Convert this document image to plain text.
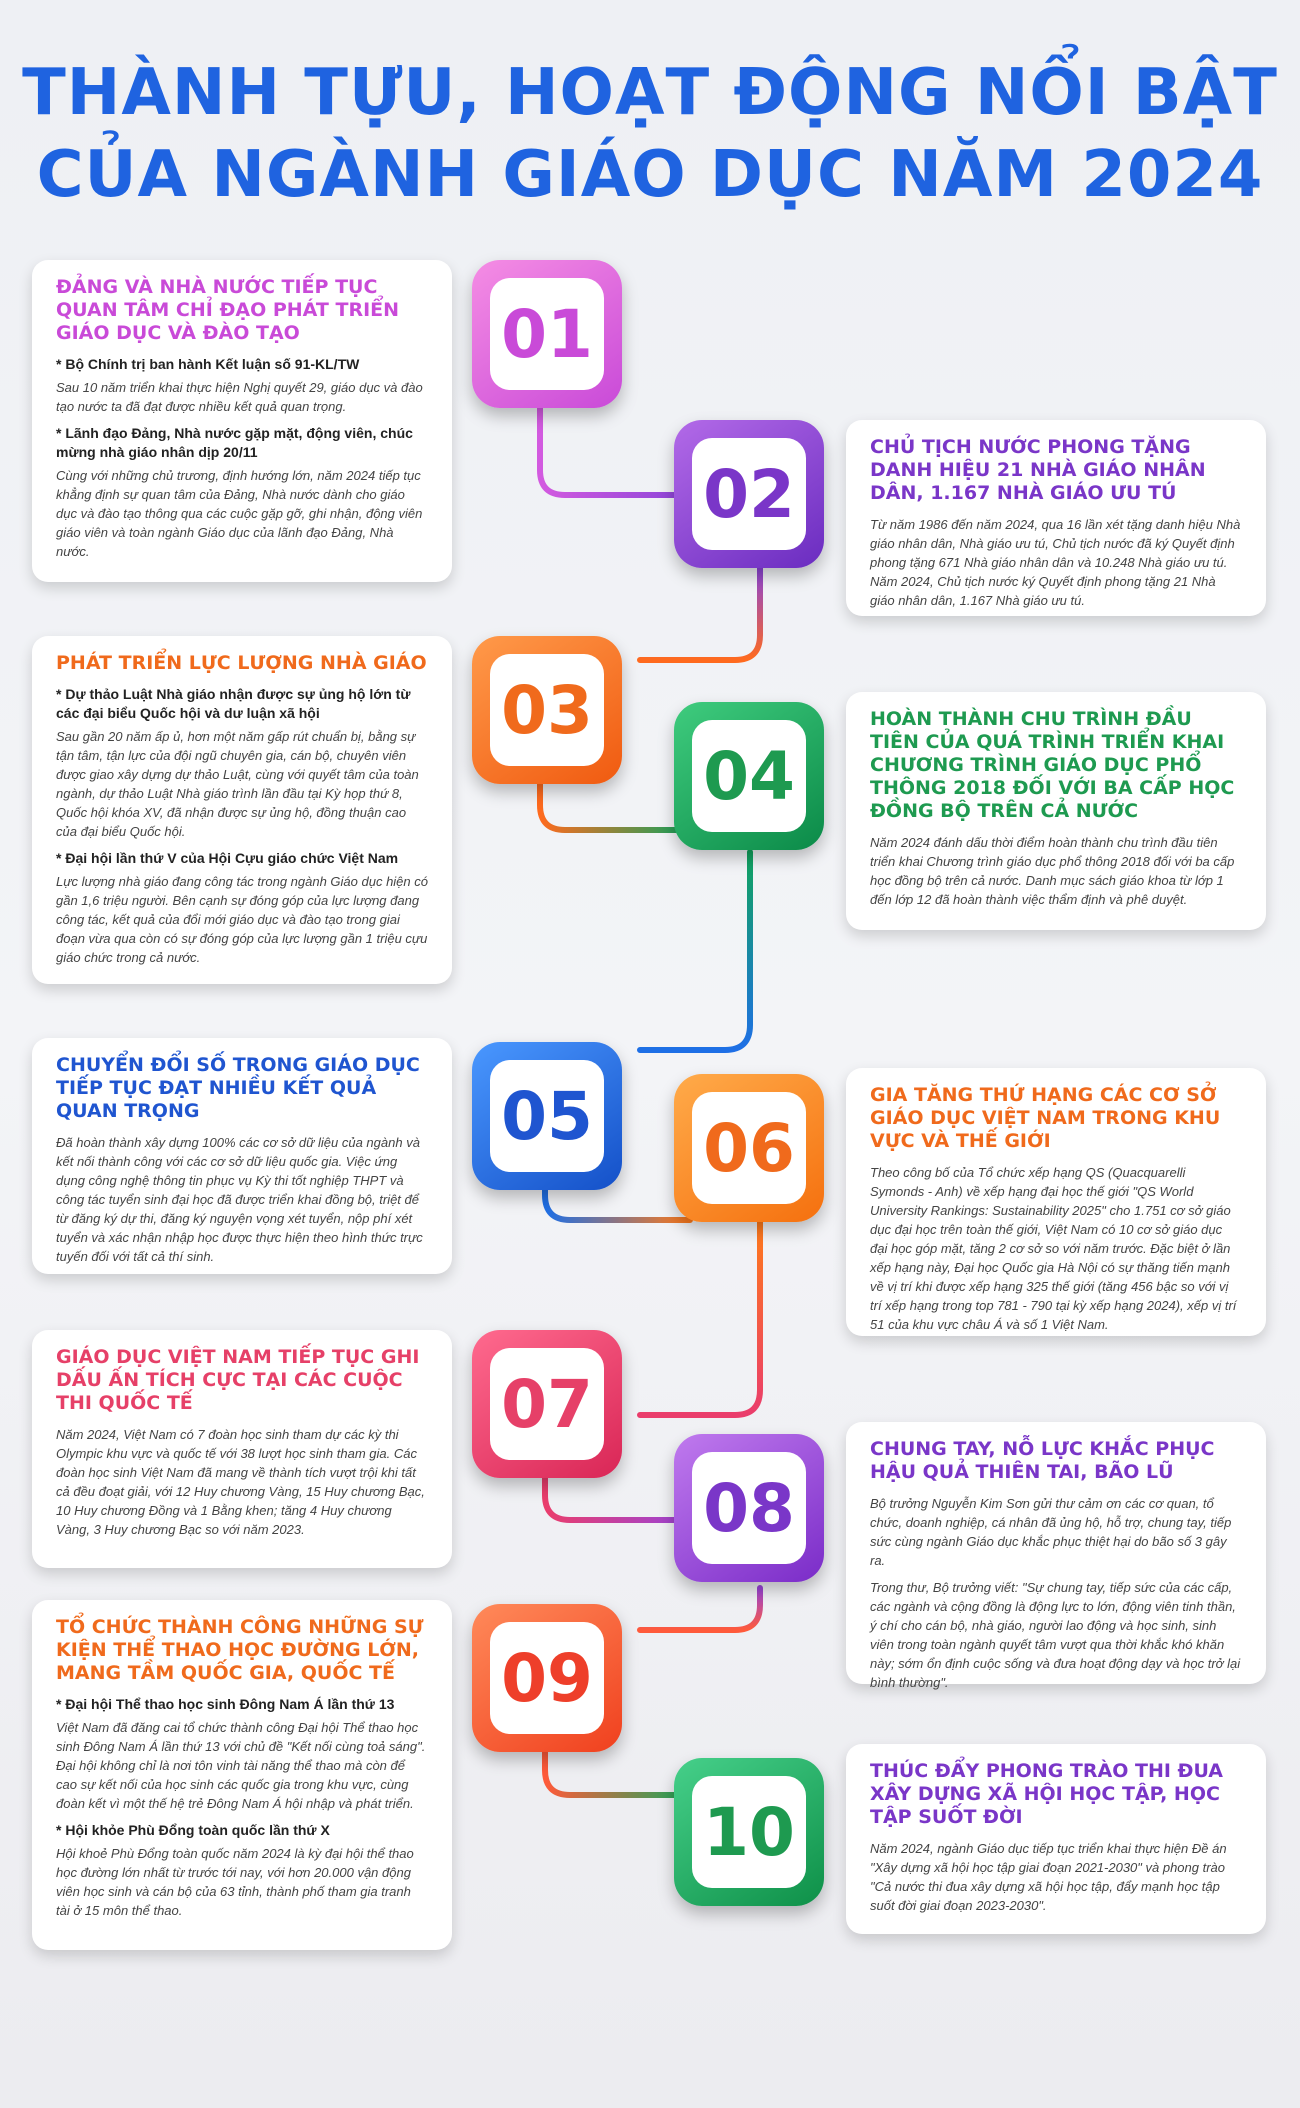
THÀNH TỰU, HOẠT ĐỘNG NỔI BẬT
CỦA NGÀNH GIÁO DỤC NĂM 2024
ĐẢNG VÀ NHÀ NƯỚC TIẾP TỤC QUAN TÂM CHỈ ĐẠO PHÁT TRIỂN GIÁO DỤC VÀ ĐÀO TẠO
* Bộ Chính trị ban hành Kết luận số 91-KL/TW

Sau 10 năm triển khai thực hiện Nghị quyết 29, giáo dục và đào tạo nước ta đã đạt được nhiều kết quả quan trọng.

* Lãnh đạo Đảng, Nhà nước gặp mặt, động viên, chúc mừng nhà giáo nhân dịp 20/11

Cùng với những chủ trương, định hướng lớn, năm 2024 tiếp tục khẳng định sự quan tâm của Đảng, Nhà nước dành cho giáo dục và đào tạo thông qua các cuộc gặp gỡ, ghi nhận, động viên giáo viên và toàn ngành Giáo dục của lãnh đạo Đảng, Nhà nước.

01
CHỦ TỊCH NƯỚC PHONG TẶNG DANH HIỆU 21 NHÀ GIÁO NHÂN DÂN, 1.167 NHÀ GIÁO ƯU TÚ

Từ năm 1986 đến năm 2024, qua 16 lần xét tặng danh hiệu Nhà giáo nhân dân, Nhà giáo ưu tú, Chủ tịch nước đã ký Quyết định phong tặng 671 Nhà giáo nhân dân và 10.248 Nhà giáo ưu tú. Năm 2024, Chủ tịch nước ký Quyết định phong tặng 21 Nhà giáo nhân dân, 1.167 Nhà giáo ưu tú.

02
PHÁT TRIỂN LỰC LƯỢNG NHÀ GIÁO
* Dự thảo Luật Nhà giáo nhận được sự ủng hộ lớn từ các đại biểu Quốc hội và dư luận xã hội

Sau gần 20 năm ấp ủ, hơn một năm gấp rút chuẩn bị, bằng sự tận tâm, tận lực của đội ngũ chuyên gia, cán bộ, chuyên viên được giao xây dựng dự thảo Luật, cùng với quyết tâm của toàn ngành, dự thảo Luật Nhà giáo trình lần đầu tại Kỳ họp thứ 8, Quốc hội khóa XV, đã nhận được sự ủng hộ, đồng thuận cao của đại biểu Quốc hội.

* Đại hội lần thứ V của Hội Cựu giáo chức Việt Nam

Lực lượng nhà giáo đang công tác trong ngành Giáo dục hiện có gần 1,6 triệu người. Bên cạnh sự đóng góp của lực lượng đang công tác, kết quả của đổi mới giáo dục và đào tạo trong giai đoạn vừa qua còn có sự đóng góp của lực lượng gần 1 triệu cựu giáo chức trong cả nước.

03	HOÀN THÀNH CHU TRÌNH ĐẦU TIÊN CỦA QUÁ TRÌNH TRIỂN KHAI CHƯƠNG TRÌNH GIÁO DỤC PHỔ THÔNG 2018 ĐỐI VỚI BA CẤP HỌC ĐỒNG BỘ TRÊN CẢ NƯỚC

Năm 2024 đánh dấu thời điểm hoàn thành chu trình đầu tiên triển khai Chương trình giáo dục phổ thông 2018 đối với ba cấp học đồng bộ trên cả nước. Danh mục sách giáo khoa từ lớp 1 đến lớp 12 đã hoàn thành việc thẩm định và phê duyệt.

04
CHUYỂN ĐỔI SỐ TRONG GIÁO DỤC TIẾP TỤC ĐẠT NHIỀU KẾT QUẢ QUAN TRỌNG

Đã hoàn thành xây dựng 100% các cơ sở dữ liệu của ngành và kết nối thành công với các cơ sở dữ liệu quốc gia. Việc ứng dụng công nghệ thông tin phục vụ Kỳ thi tốt nghiệp THPT và công tác tuyển sinh đại học đã được triển khai đồng bộ, triệt để từ đăng ký dự thi, đăng ký nguyện vọng xét tuyển, nộp phí xét tuyển và xác nhận nhập học được thực hiện theo hình thức trực tuyến đối với tất cả thí sinh.

05	GIA TĂNG THỨ HẠNG CÁC CƠ SỞ GIÁO DỤC VIỆT NAM TRONG KHU VỰC VÀ THẾ GIỚI

Theo công bố của Tổ chức xếp hạng QS (Quacquarelli Symonds - Anh) về xếp hạng đại học thế giới "QS World University Rankings: Sustainability 2025" cho 1.751 cơ sở giáo dục đại học trên toàn thế giới, Việt Nam có 10 cơ sở giáo dục đại học góp mặt, tăng 2 cơ sở so với năm trước. Đặc biệt ở lần xếp hạng này, Đại học Quốc gia Hà Nội có sự thăng tiến mạnh về vị trí khi được xếp hạng 325 thế giới (tăng 456 bậc so với vị trí xếp hạng trong top 781 - 790 tại kỳ xếp hạng 2024), xếp vị trí 51 của khu vực châu Á và số 1 Việt Nam.

06
GIÁO DỤC VIỆT NAM TIẾP TỤC GHI DẤU ẤN TÍCH CỰC TẠI CÁC CUỘC THI QUỐC TẾ

Năm 2024, Việt Nam có 7 đoàn học sinh tham dự các kỳ thi Olympic khu vực và quốc tế với 38 lượt học sinh tham gia. Các đoàn học sinh Việt Nam đã mang về thành tích vượt trội khi tất cả đều đoạt giải, với 12 Huy chương Vàng, 15 Huy chương Bạc, 10 Huy chương Đồng và 1 Bằng khen; tăng 4 Huy chương Vàng, 3 Huy chương Bạc so với năm 2023.

07
CHUNG TAY, NỖ LỰC KHẮC PHỤC HẬU QUẢ THIÊN TAI, BÃO LŨ

Bộ trưởng Nguyễn Kim Sơn gửi thư cảm ơn các cơ quan, tổ chức, doanh nghiệp, cá nhân đã ủng hộ, hỗ trợ, chung tay, tiếp sức cùng ngành Giáo dục khắc phục thiệt hại do bão số 3 gây ra.

Trong thư, Bộ trưởng viết: "Sự chung tay, tiếp sức của các cấp, các ngành và cộng đồng là động lực to lớn, động viên tinh thần, ý chí cho cán bộ, nhà giáo, người lao động và học sinh, sinh viên trong toàn ngành quyết tâm vượt qua thời khắc khó khăn này; sớm ổn định cuộc sống và đưa hoạt động dạy và học trở lại bình thường".

08
TỔ CHỨC THÀNH CÔNG NHỮNG SỰ KIỆN THỂ THAO HỌC ĐƯỜNG LỚN, MANG TẦM QUỐC GIA, QUỐC TẾ
* Đại hội Thể thao học sinh Đông Nam Á lần thứ 13

Việt Nam đã đăng cai tổ chức thành công Đại hội Thể thao học sinh Đông Nam Á lần thứ 13 với chủ đề "Kết nối cùng toả sáng". Đại hội không chỉ là nơi tôn vinh tài năng thể thao mà còn để cao sự kết nối của học sinh các quốc gia trong khu vực, cùng đoàn kết vì một thế hệ trẻ Đông Nam Á hội nhập và phát triển.

* Hội khỏe Phù Đổng toàn quốc lần thứ X

Hội khoẻ Phù Đổng toàn quốc năm 2024 là kỳ đại hội thể thao học đường lớn nhất từ trước tới nay, với hơn 20.000 vận động viên học sinh và cán bộ của 63 tỉnh, thành phố tham gia tranh tài ở 15 môn thể thao.

09
THÚC ĐẨY PHONG TRÀO THI ĐUA XÂY DỰNG XÃ HỘI HỌC TẬP, HỌC TẬP SUỐT ĐỜI

Năm 2024, ngành Giáo dục tiếp tục triển khai thực hiện Đề án "Xây dựng xã hội học tập giai đoạn 2021-2030" và phong trào "Cả nước thi đua xây dựng xã hội học tập, đẩy mạnh học tập suốt đời giai đoạn 2023-2030".

10
